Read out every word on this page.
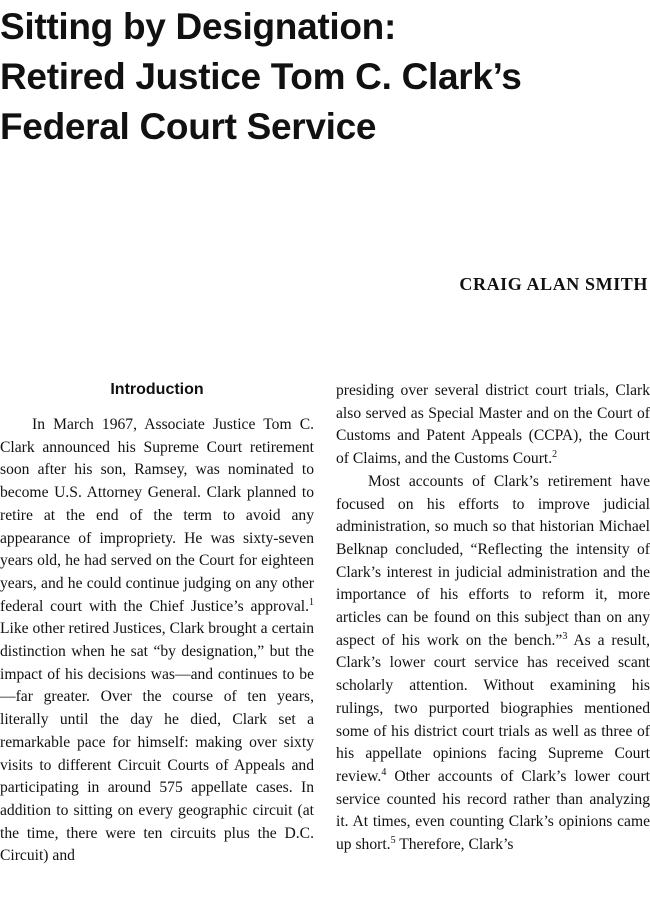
Sitting by Designation:
Retired Justice Tom C. Clark’s
Federal Court Service
CRAIG ALAN SMITH
Introduction

In March 1967, Associate Justice Tom C. Clark announced his Supreme Court retirement soon after his son, Ramsey, was nominated to become U.S. Attorney General. Clark planned to retire at the end of the term to avoid any appearance of impropriety. He was sixty-seven years old, he had served on the Court for eighteen years, and he could continue judging on any other federal court with the Chief Justice’s approval.$^1$ Like other retired Justices, Clark brought a certain distinction when he sat “by designation,” but the impact of his decisions was—and continues to be—far greater. Over the course of ten years, literally until the day he died, Clark set a remarkable pace for himself: making over sixty visits to different Circuit Courts of Appeals and participating in around 575 appellate cases. In addition to sitting on every geographic circuit (at the time, there were ten circuits plus the D.C. Circuit) and

presiding over several district court trials, Clark also served as Special Master and on the Court of Customs and Patent Appeals (CCPA), the Court of Claims, and the Customs Court.$^2$

Most accounts of Clark’s retirement have focused on his efforts to improve judicial administration, so much so that historian Michael Belknap concluded, “Reflecting the intensity of Clark’s interest in judicial administration and the importance of his efforts to reform it, more articles can be found on this subject than on any aspect of his work on the bench.”$^3$ As a result, Clark’s lower court service has received scant scholarly attention. Without examining his rulings, two purported biographies mentioned some of his district court trials as well as three of his appellate opinions facing Supreme Court review.$^4$ Other accounts of Clark’s lower court service counted his record rather than analyzing it. At times, even counting Clark’s opinions came up short.$^5$ Therefore, Clark’s
